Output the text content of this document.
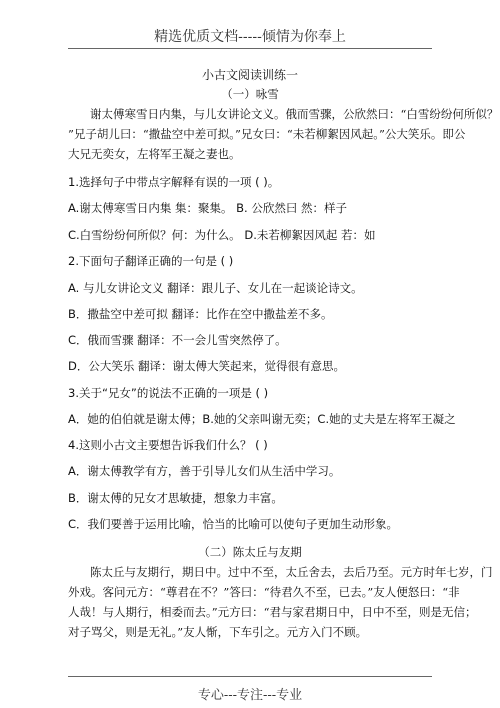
精选优质文档-----倾情为你奉上
小古文阅读训练一
（一）咏雪
谢太傅寒雪日内集，与儿女讲论文义。俄而雪骤，公欣然曰：“白雪纷纷何所似？
”兄子胡儿曰：“撒盐空中差可拟。”兄女曰：“未若柳絮因风起。”公大笑乐。即公
大兄无奕女，左将军王凝之妻也。
1.选择句子中带点字解释有误的一项 ( )。
A.谢太傅寒雪日内集 集：聚集。 B. 公欣然曰 然：样子
C.白雪纷纷何所似？何：为什么。 D.未若柳絮因风起 若：如
2.下面句子翻译正确的一句是 ( )
A. 与儿女讲论文义 翻译：跟儿子、女儿在一起谈论诗文。
B．撒盐空中差可拟 翻译：比作在空中撒盐差不多。
C．俄而雪骤 翻译：不一会儿雪突然停了。
D．公大笑乐 翻译：谢太傅大笑起来，觉得很有意思。
3.关于“兄女”的说法不正确的一项是 ( )
A．她的伯伯就是谢太傅；B.她的父亲叫谢无奕；C.她的丈夫是左将军王凝之
4.这则小古文主要想告诉我们什么？ ( )
A．谢太傅教学有方，善于引导儿女们从生活中学习。
B．谢太傅的兄女才思敏捷，想象力丰富。
C．我们要善于运用比喻，恰当的比喻可以使句子更加生动形象。
（二）陈太丘与友期
陈太丘与友期行，期日中。过中不至，太丘舍去，去后乃至。元方时年七岁，门
外戏。客问元方：“尊君在不？”答曰：“待君久不至，已去。”友人便怒曰：“非
人哉！与人期行，相委而去。”元方曰：“君与家君期日中，日中不至，则是无信；
对子骂父，则是无礼。”友人惭，下车引之。元方入门不顾。
专心---专注---专业
